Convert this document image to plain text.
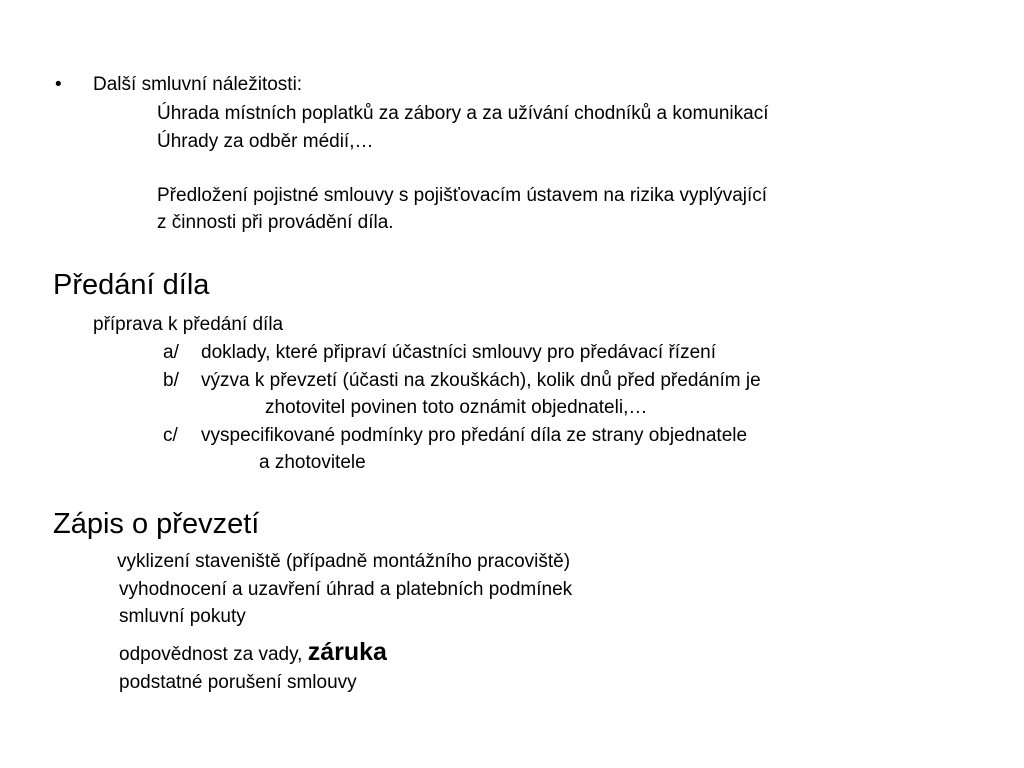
• Další smluvní náležitosti:
Úhrada místních poplatků za zábory a za užívání chodníků a komunikací
Úhrady za odběr médií,…
Předložení pojistné smlouvy s pojišťovacím ústavem na rizika vyplývající
z činnosti při provádění díla.
Předání díla
příprava k předání díla
a/ doklady, které připraví účastníci smlouvy pro předávací řízení
b/ výzva k převzetí (účasti na zkouškách), kolik dnů před předáním je
zhotovitel povinen toto oznámit objednateli,…
c/ vyspecifikované podmínky pro předání díla ze strany objednatele
a zhotovitele
Zápis o převzetí
vyklizení staveniště (případně montážního pracoviště)
vyhodnocení a uzavření úhrad a platebních podmínek
smluvní pokuty
odpovědnost za vady, záruka
podstatné porušení smlouvy
